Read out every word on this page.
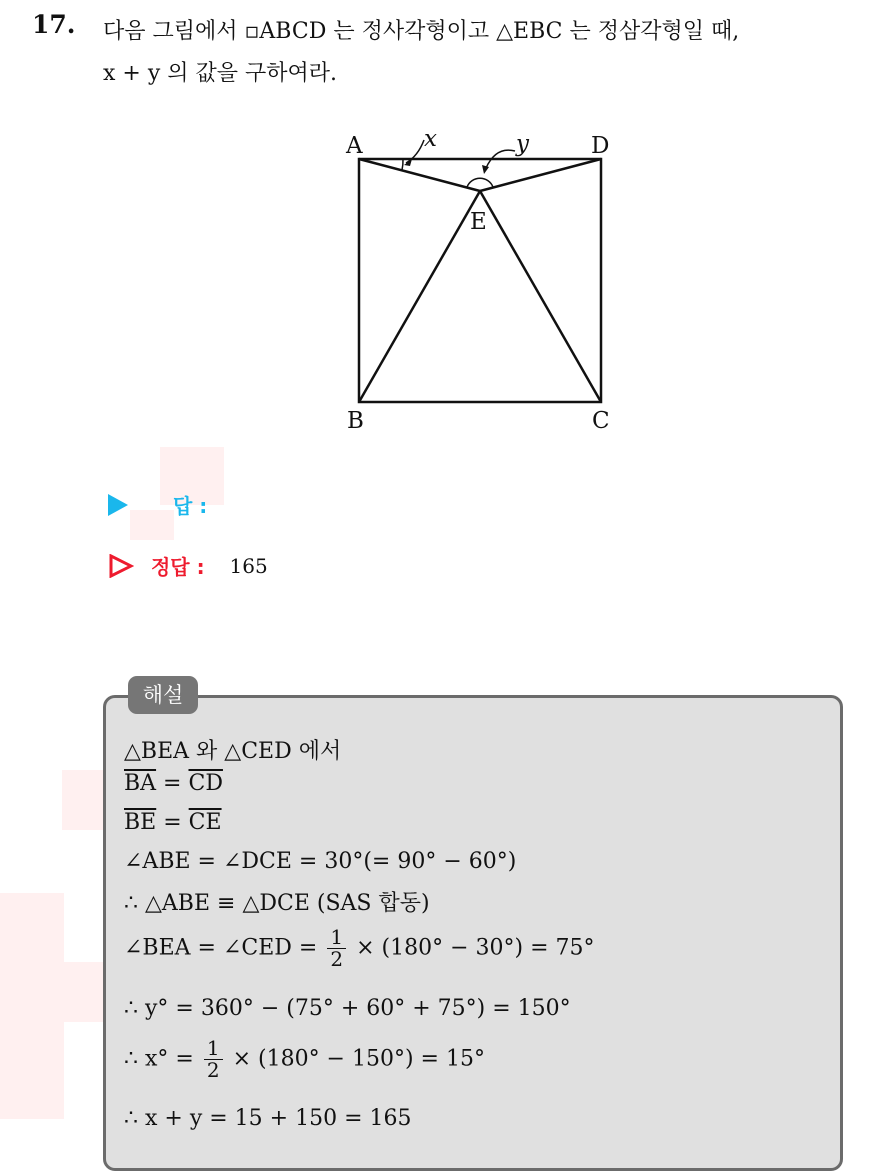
17. 다음 그림에서 ▫ABCD 는 정사각형이고 △EBC 는 정삼각형일 때,
x + y 의 값을 구하여라.
A	D
E
B	C
x	y
답 :
정답 : 165
해설
△BEA 와 △CED 에서
$\overline{BA} = \overline{CD}$
$\overline{BE} = \overline{CE}$
∠ABE = ∠DCE = 30°(= 90° − 60°)
∴ △ABE ≡ △DCE (SAS 합동)
∠BEA = ∠CED = $\frac{1}{2} \times (180^\circ - 30^\circ) = 75^\circ$
∴ y° = 360° − (75° + 60° + 75°) = 150°
∴ $x^\circ = \frac{1}{2} \times (180^\circ - 150^\circ) = 15^\circ$
∴ x + y = 15 + 150 = 165
